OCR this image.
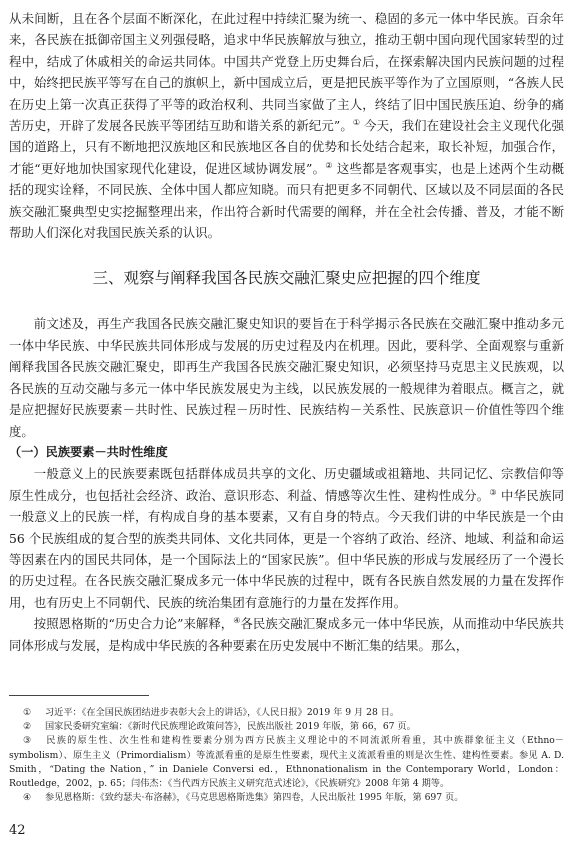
从未间断，且在各个层面不断深化，在此过程中持续汇聚为统一、稳固的多元一体中华民族。百余年来，各民族在抵御帝国主义列强侵略，追求中华民族解放与独立，推动王朝中国向现代国家转型的过程中，结成了休戚相关的命运共同体。中国共产党登上历史舞台后，在探索解决国内民族问题的过程中，始终把民族平等写在自己的旗帜上，新中国成立后，更是把民族平等作为了立国原则，“各族人民在历史上第一次真正获得了平等的政治权利、共同当家做了主人，终结了旧中国民族压迫、纷争的痛苦历史，开辟了发展各民族平等团结互助和谐关系的新纪元”。① 今天，我们在建设社会主义现代化强国的道路上，只有不断地把汉族地区和民族地区各自的优势和长处结合起来，取长补短，加强合作，才能“更好地加快国家现代化建设，促进区域协调发展”。② 这些都是客观事实，也是上述两个生动概括的现实诠释，不同民族、全体中国人都应知晓。而只有把更多不同朝代、区域以及不同层面的各民族交融汇聚典型史实挖掘整理出来，作出符合新时代需要的阐释，并在全社会传播、普及，才能不断帮助人们深化对我国民族关系的认识。

三、观察与阐释我国各民族交融汇聚史应把握的四个维度

前文述及，再生产我国各民族交融汇聚史知识的要旨在于科学揭示各民族在交融汇聚中推动多元一体中华民族、中华民族共同体形成与发展的历史过程及内在机理。因此，要科学、全面观察与重新阐释我国各民族交融汇聚史，即再生产我国各民族交融汇聚史知识，必须坚持马克思主义民族观，以各民族的互动交融与多元一体中华民族发展史为主线，以民族发展的一般规律为着眼点。概言之，就是应把握好民族要素－共时性、民族过程－历时性、民族结构－关系性、民族意识－价值性等四个维度。

（一）民族要素－共时性维度

一般意义上的民族要素既包括群体成员共享的文化、历史疆域或祖籍地、共同记忆、宗教信仰等原生性成分，也包括社会经济、政治、意识形态、利益、情感等次生性、建构性成分。③ 中华民族同一般意义上的民族一样，有构成自身的基本要素，又有自身的特点。今天我们讲的中华民族是一个由 56 个民族组成的复合型的族类共同体、文化共同体，更是一个容纳了政治、经济、地域、利益和命运等因素在内的国民共同体，是一个国际法上的“国家民族”。但中华民族的形成与发展经历了一个漫长的历史过程。在各民族交融汇聚成多元一体中华民族的过程中，既有各民族自然发展的力量在发挥作用，也有历史上不同朝代、民族的统治集团有意施行的力量在发挥作用。

按照恩格斯的“历史合力论”来解释，④各民族交融汇聚成多元一体中华民族，从而推动中华民族共同体形成与发展，是构成中华民族的各种要素在历史发展中不断汇集的结果。那么，

① 习近平：《在全国民族团结进步表彰大会上的讲话》，《人民日报》2019 年 9 月 28 日。

② 国家民委研究室编：《新时代民族理论政策问答》，民族出版社 2019 年版，第 66，67 页。

③ 民族的原生性、次生性和建构性要素分别为西方民族主义理论中的不同流派所看重，其中族群象征主义（Ethno－symbolism）、原生主义（Primordialism）等流派看重的是原生性要素，现代主义流派看重的则是次生性、建构性要素。参见 A. D. Smith，“Dating the Nation，” in Daniele Conversi ed.，Ethnonationalism in the Contemporary World，London：Routledge，2002，p. 65；闫伟杰：《当代西方民族主义研究范式述论》，《民族研究》2008 年第 4 期等。

④ 参见恩格斯：《致约瑟夫·布洛赫》，《马克思恩格斯选集》第四卷，人民出版社 1995 年版，第 697 页。

42
